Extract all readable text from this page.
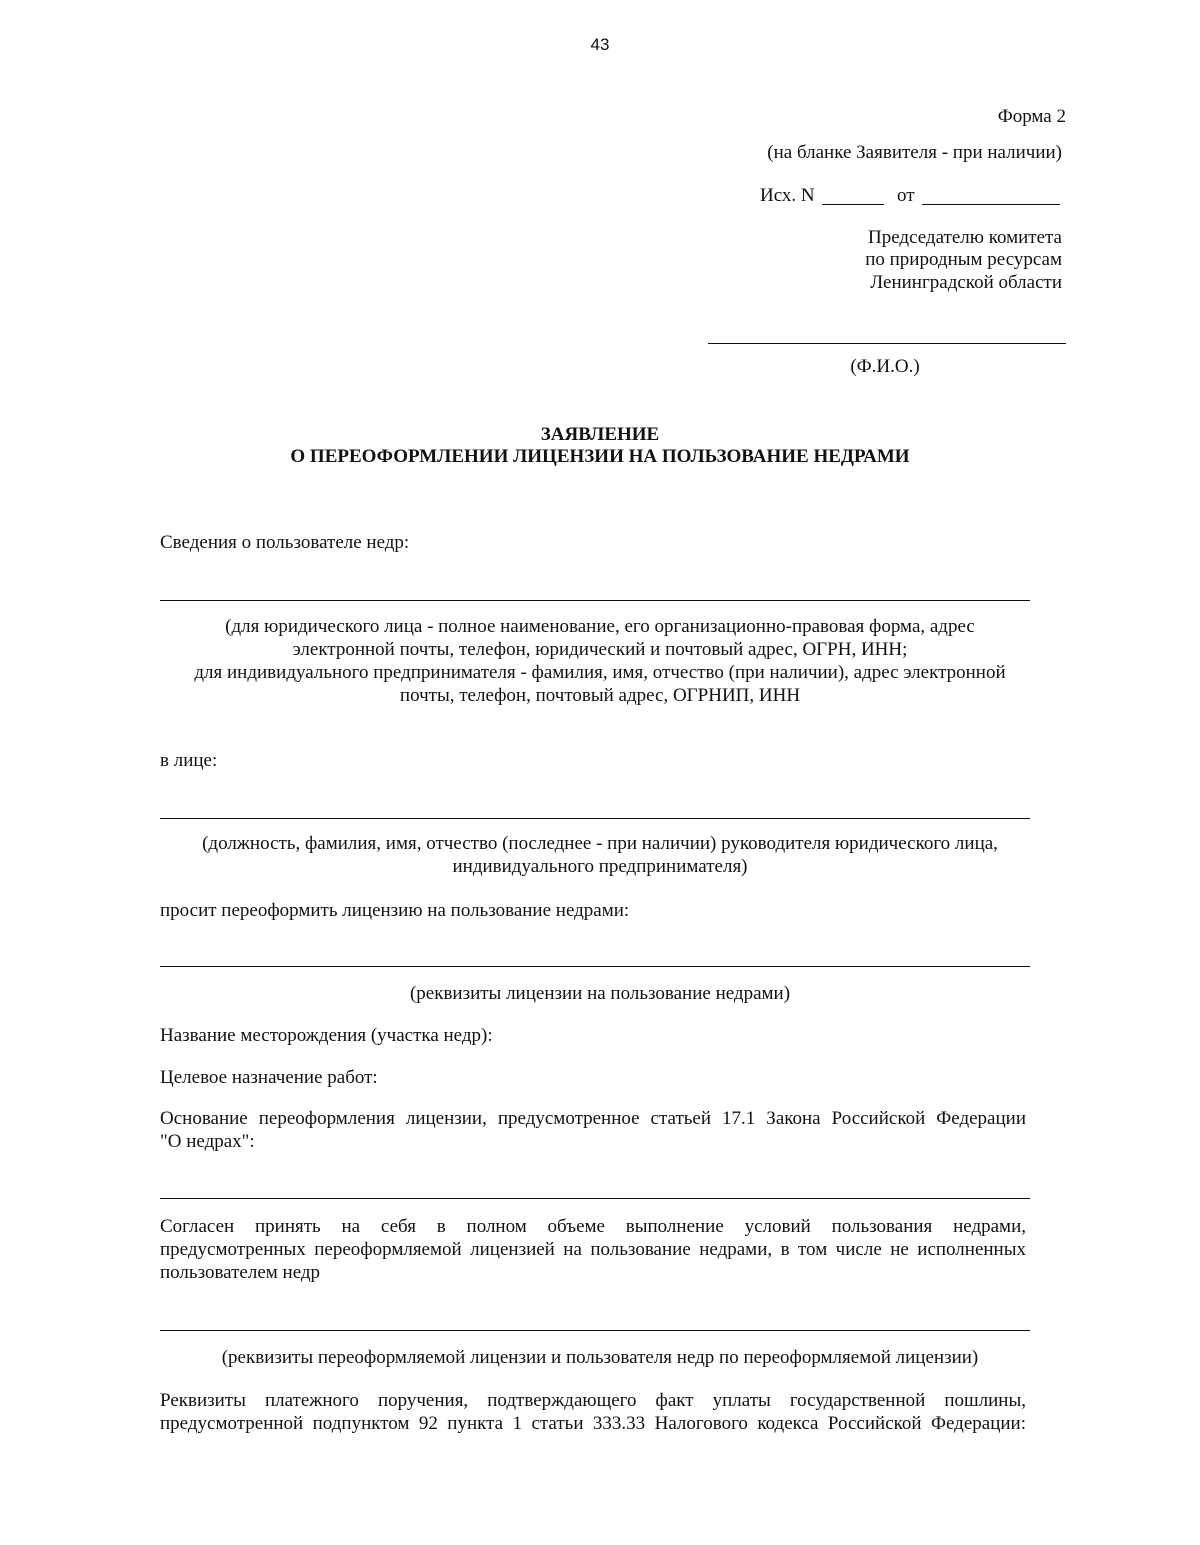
43
Форма 2
(на бланке Заявителя - при наличии)
Исх. N	от
Председателю комитета
по природным ресурсам
Ленинградской области
(Ф.И.О.)
ЗАЯВЛЕНИЕ
О ПЕРЕОФОРМЛЕНИИ ЛИЦЕНЗИИ НА ПОЛЬЗОВАНИЕ НЕДРАМИ
Сведения о пользователе недр:
(для юридического лица - полное наименование, его организационно-правовая форма, адрес
электронной почты, телефон, юридический и почтовый адрес, ОГРН, ИНН;
для индивидуального предпринимателя - фамилия, имя, отчество (при наличии), адрес электронной
почты, телефон, почтовый адрес, ОГРНИП, ИНН
в лице:
(должность, фамилия, имя, отчество (последнее - при наличии) руководителя юридического лица,
индивидуального предпринимателя)
просит переоформить лицензию на пользование недрами:
(реквизиты лицензии на пользование недрами)
Название месторождения (участка недр):
Целевое назначение работ:
Основание переоформления лицензии, предусмотренное статьей 17.1 Закона Российской Федерации
"О недрах":
Согласен принять на себя в полном объеме выполнение условий пользования недрами,
предусмотренных переоформляемой лицензией на пользование недрами, в том числе не исполненных
пользователем недр
(реквизиты переоформляемой лицензии и пользователя недр по переоформляемой лицензии)
Реквизиты платежного поручения, подтверждающего факт уплаты государственной пошлины,
предусмотренной подпунктом 92 пункта 1 статьи 333.33 Налогового кодекса Российской Федерации:
